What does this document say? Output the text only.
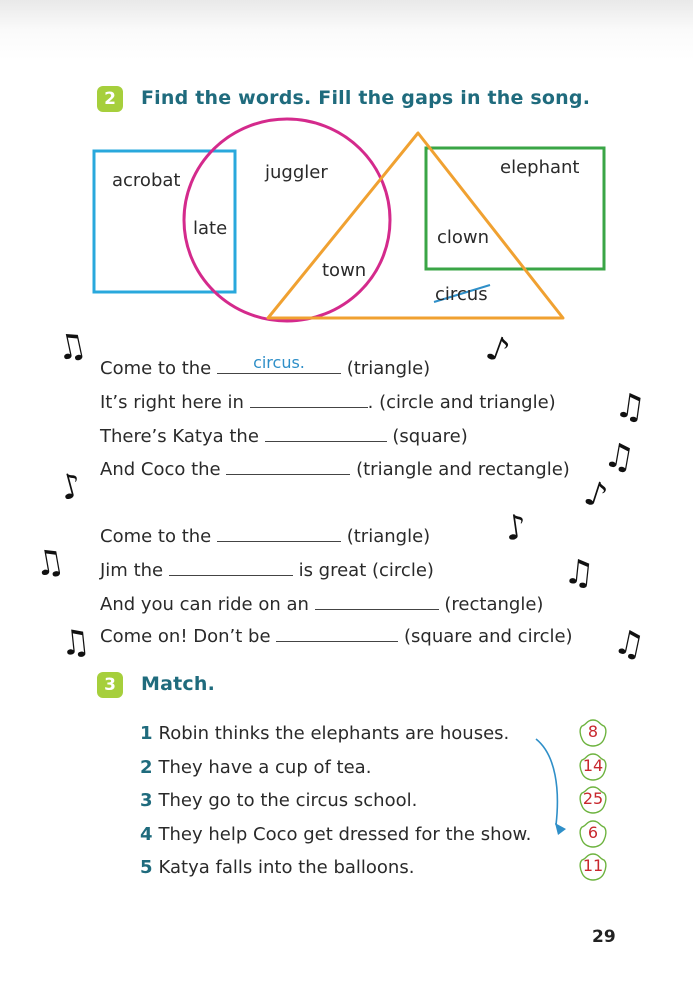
2	Find the words. Fill the gaps in the song.
acrobat	juggler	elephant
late	clown
town
circus
Come to the	circus.	(triangle)
It’s right here in	. (circle and triangle)
There’s Katya the	(square)
And Coco the	(triangle and rectangle)
Come to the	(triangle)
Jim the	is great (circle)
And you can ride on an	(rectangle)
Come on! Don’t be	(square and circle)
♫	♪
♫
♫
♪	♪
♪
♫	♫
♫	♫
3	Match.
1 Robin thinks the elephants are houses.
2 They have a cup of tea.
3 They go to the circus school.
4 They help Coco get dressed for the show.
5 Katya falls into the balloons.
8
14
25
6
11
29
